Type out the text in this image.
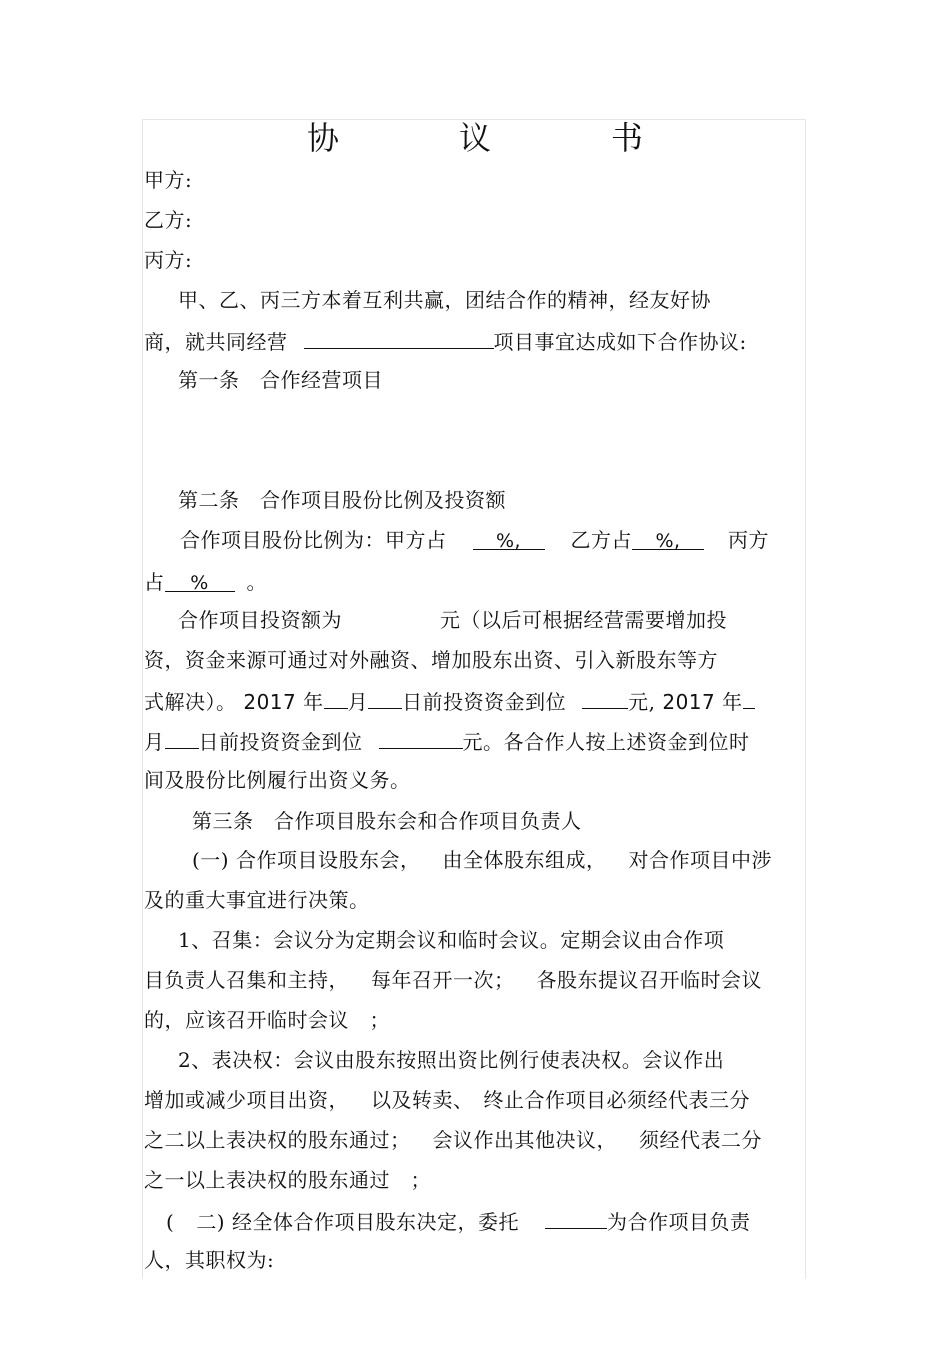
协　议　书
甲方:
乙方:
丙方:
甲、乙、丙三方本着互利共赢，团结合作的精神，经友好协
商，就共同经营	项目事宜达成如下合作协议:
第一条　合作经营项目
第二条　合作项目股份比例及投资额
合作项目股份比例为：甲方占	%, 乙方占 %, 丙方
占 % 。
合作项目投资额为	元（以后可根据经营需要增加投
资，资金来源可通过对外融资、增加股东出资、引入新股东等方
式解决）。 2017 年 月 日前投资资金到位	元, 2017 年
月 日前投资资金到位	元。各合作人按上述资金到位时
间及股份比例履行出资义务。
第三条　合作项目股东会和合作项目负责人
(一) 合作项目设股东会， 由全体股东组成， 对合作项目中涉
及的重大事宜进行决策。
1、召集：会议分为定期会议和临时会议。定期会议由合作项
目负责人召集和主持， 每年召开一次； 各股东提议召开临时会议
的，应该召开临时会议　；
2、表决权：会议由股东按照出资比例行使表决权。会议作出
增加或减少项目出资， 以及转卖、 终止合作项目必须经代表三分
之二以上表决权的股东通过； 会议作出其他决议， 须经代表二分
之一以上表决权的股东通过　；
( 二) 经全体合作项目股东决定，委托	为合作项目负责
人，其职权为:
